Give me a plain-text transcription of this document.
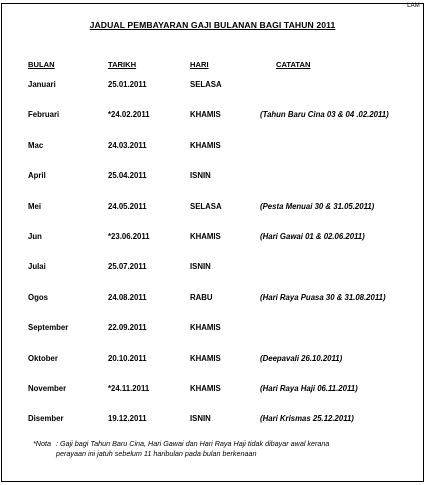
LAM
JADUAL PEMBAYARAN GAJI BULANAN BAGI TAHUN 2011
BULAN	TARIKH	HARI	CATATAN
Januari	25.01.2011	SELASA
Februari	*24.02.2011	KHAMIS	(Tahun Baru Cina 03 & 04 .02.2011)
Mac	24.03.2011	KHAMIS
April	25.04.2011	ISNIN
Mei	24.05.2011	SELASA	(Pesta Menuai 30 & 31.05.2011)
Jun	*23.06.2011	KHAMIS	(Hari Gawai 01 & 02.06.2011)
Julai	25.07.2011	ISNIN
Ogos	24.08.2011	RABU	(Hari Raya Puasa 30 & 31.08.2011)
September	22.09.2011	KHAMIS
Oktober	20.10.2011	KHAMIS	(Deepavali 26.10.2011)
November	*24.11.2011	KHAMIS	(Hari Raya Haji 06.11.2011)
Disember	19.12.2011	ISNIN	(Hari Krismas 25.12.2011)
*Nota : Gaji bagi Tahun Baru Cina, Hari Gawai dan Hari Raya Haji tidak dibayar awal kerana
perayaan ini jatuh sebelum 11 haribulan pada bulan berkenaan
